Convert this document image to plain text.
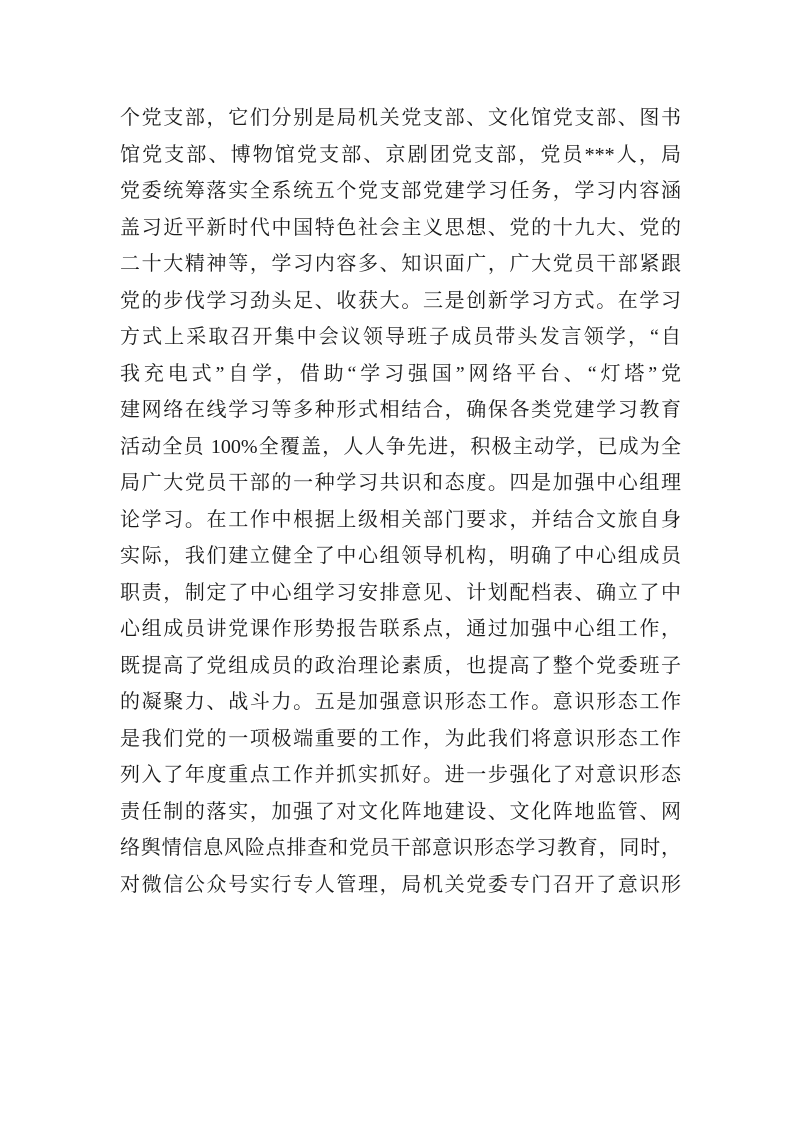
个党支部，它们分别是局机关党支部、文化馆党支部、图书
馆党支部、博物馆党支部、京剧团党支部，党员***人，局
党委统筹落实全系统五个党支部党建学习任务，学习内容涵
盖习近平新时代中国特色社会主义思想、党的十九大、党的
二十大精神等，学习内容多、知识面广，广大党员干部紧跟
党的步伐学习劲头足、收获大。三是创新学习方式。在学习
方式上采取召开集中会议领导班子成员带头发言领学，“自
我充电式”自学，借助“学习强国”网络平台、“灯塔”党
建网络在线学习等多种形式相结合，确保各类党建学习教育
活动全员 100%全覆盖，人人争先进，积极主动学，已成为全
局广大党员干部的一种学习共识和态度。四是加强中心组理
论学习。在工作中根据上级相关部门要求，并结合文旅自身
实际，我们建立健全了中心组领导机构，明确了中心组成员
职责，制定了中心组学习安排意见、计划配档表、确立了中
心组成员讲党课作形势报告联系点，通过加强中心组工作，
既提高了党组成员的政治理论素质，也提高了整个党委班子
的凝聚力、战斗力。五是加强意识形态工作。意识形态工作
是我们党的一项极端重要的工作，为此我们将意识形态工作
列入了年度重点工作并抓实抓好。进一步强化了对意识形态
责任制的落实，加强了对文化阵地建设、文化阵地监管、网
络舆情信息风险点排查和党员干部意识形态学习教育，同时，
对微信公众号实行专人管理，局机关党委专门召开了意识形
